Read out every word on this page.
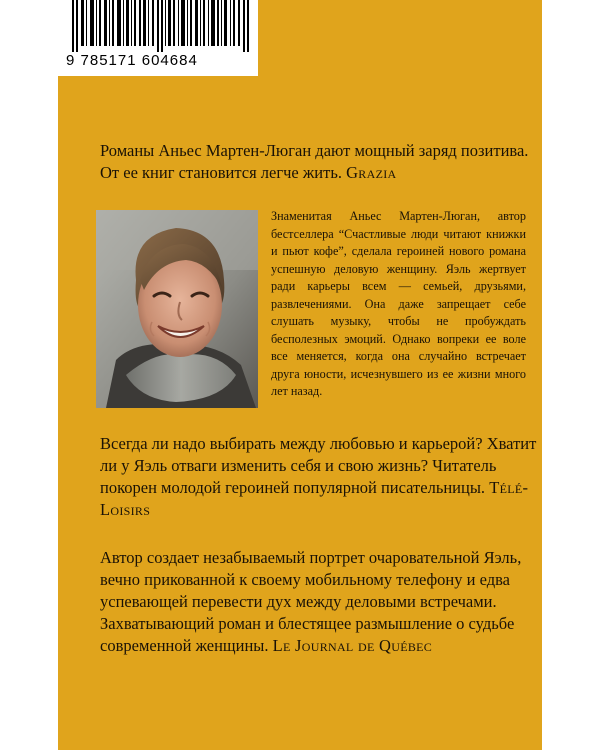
9 785171 604684

Романы Аньес Мартен-Люган дают мощный заряд позитива. От ее книг становится легче жить. Grazia

Знаменитая Аньес Мартен-Люган, автор бестселлера “Счастливые люди читают книжки и пьют кофе”, сделала героиней нового романа успешную деловую женщину. Яэль жертвует ради карьеры всем — семьей, друзьями, развлечениями. Она даже запрещает себе слушать музыку, чтобы не пробуждать бесполезных эмоций. Однако вопреки ее воле все меняется, когда она случайно встречает друга юности, исчезнувшего из ее жизни много лет назад.

Всегда ли надо выбирать между любовью и карьерой? Хватит ли у Яэль отваги изменить себя и свою жизнь? Читатель покорен молодой героиней популярной писательницы. Télé-Loisirs

Автор создает незабываемый портрет очаровательной Яэль, вечно прикованной к своему мобильному телефону и едва успевающей перевести дух между деловыми встречами. Захватывающий роман и блестящее размышление о судьбе современной женщины. Le Journal de Québec
